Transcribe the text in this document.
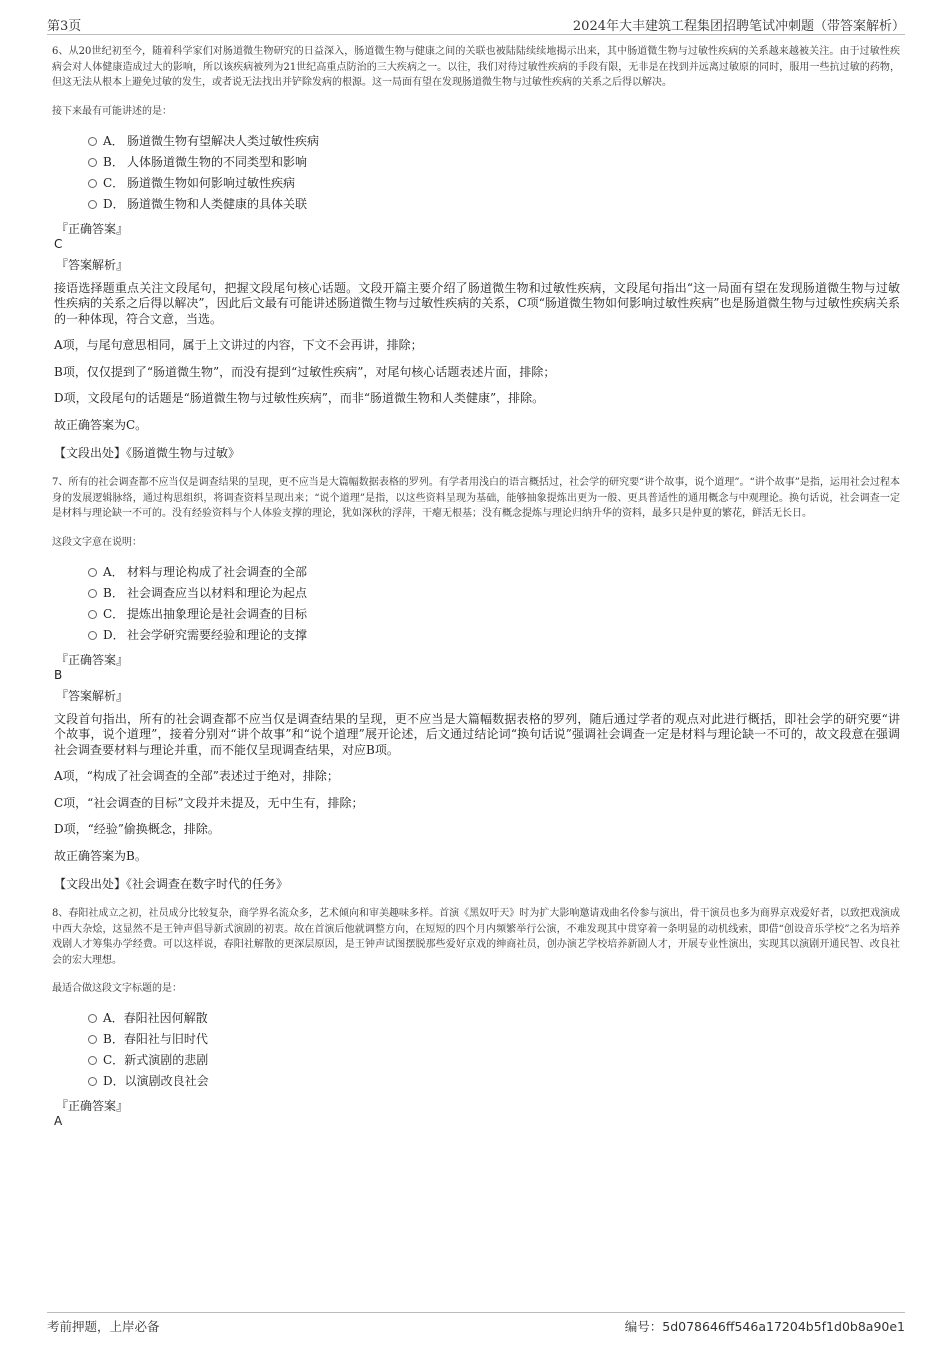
第3页	2024年大丰建筑工程集团招聘笔试冲刺题（带答案解析）

6、从20世纪初至今，随着科学家们对肠道微生物研究的日益深入，肠道微生物与健康之间的关联也被陆陆续续地揭示出来，其中肠道微生物与过敏性疾病的关系越来越被关注。由于过敏性疾病会对人体健康造成过大的影响，所以该疾病被列为21世纪高重点防治的三大疾病之一。以往，我们对待过敏性疾病的手段有限，无非是在找到并远离过敏原的同时，服用一些抗过敏的药物，但这无法从根本上避免过敏的发生，或者说无法找出并铲除发病的根源。这一局面有望在发现肠道微生物与过敏性疾病的关系之后得以解决。

接下来最有可能讲述的是：

A． 肠道微生物有望解决人类过敏性疾病
B． 人体肠道微生物的不同类型和影响
C． 肠道微生物如何影响过敏性疾病
D． 肠道微生物和人类健康的具体关联

『正确答案』

C

『答案解析』

接语选择题重点关注文段尾句，把握文段尾句核心话题。文段开篇主要介绍了肠道微生物和过敏性疾病，文段尾句指出“这一局面有望在发现肠道微生物与过敏性疾病的关系之后得以解决”，因此后文最有可能讲述肠道微生物与过敏性疾病的关系，C项“肠道微生物如何影响过敏性疾病”也是肠道微生物与过敏性疾病关系的一种体现，符合文意，当选。

A项，与尾句意思相同，属于上文讲过的内容，下文不会再讲，排除；

B项，仅仅提到了“肠道微生物”，而没有提到“过敏性疾病”，对尾句核心话题表述片面，排除；

D项，文段尾句的话题是“肠道微生物与过敏性疾病”，而非“肠道微生物和人类健康”，排除。

故正确答案为C。

【文段出处】《肠道微生物与过敏》

7、所有的社会调查都不应当仅是调查结果的呈现，更不应当是大篇幅数据表格的罗列。有学者用浅白的语言概括过，社会学的研究要“讲个故事，说个道理”。“讲个故事”是指，运用社会过程本身的发展逻辑脉络，通过构思组织，将调查资料呈现出来；“说个道理”是指，以这些资料呈现为基础，能够抽象提炼出更为一般、更具普适性的通用概念与中观理论。换句话说，社会调查一定是材料与理论缺一不可的。没有经验资料与个人体验支撑的理论，犹如深秋的浮萍，干瘪无根基；没有概念提炼与理论归纳升华的资料，最多只是仲夏的繁花，鲜活无长日。

这段文字意在说明：

A． 材料与理论构成了社会调查的全部
B． 社会调查应当以材料和理论为起点
C． 提炼出抽象理论是社会调查的目标
D． 社会学研究需要经验和理论的支撑

『正确答案』

B

『答案解析』

文段首句指出，所有的社会调查都不应当仅是调查结果的呈现，更不应当是大篇幅数据表格的罗列，随后通过学者的观点对此进行概括，即社会学的研究要“讲个故事，说个道理”，接着分别对“讲个故事”和“说个道理”展开论述，后文通过结论词“换句话说”强调社会调查一定是材料与理论缺一不可的，故文段意在强调社会调查要材料与理论并重，而不能仅呈现调查结果，对应B项。

A项，“构成了社会调查的全部”表述过于绝对，排除；

C项，“社会调查的目标”文段并未提及，无中生有，排除；

D项，“经验”偷换概念，排除。

故正确答案为B。

【文段出处】《社会调查在数字时代的任务》

8、春阳社成立之初，社员成分比较复杂，商学界名流众多，艺术倾向和审美趣味多样。首演《黑奴吁天》时为扩大影响邀请戏曲名伶参与演出，骨干演员也多为商界京戏爱好者，以致把戏演成中西大杂烩，这显然不是王钟声倡导新式演剧的初衷。故在首演后他就调整方向，在短短的四个月内频繁举行公演，不难发现其中贯穿着一条明显的动机线索，即借“创设音乐学校”之名为培养戏剧人才筹集办学经费。可以这样说，春阳社解散的更深层原因，是王钟声试图摆脱那些爱好京戏的绅商社员，创办演艺学校培养新剧人才，开展专业性演出，实现其以演剧开通民智、改良社会的宏大理想。

最适合做这段文字标题的是：

A． 春阳社因何解散
B． 春阳社与旧时代
C． 新式演剧的悲剧
D． 以演剧改良社会

『正确答案』

A

考前押题，上岸必备	编号：5d078646ff546a17204b5f1d0b8a90e1
